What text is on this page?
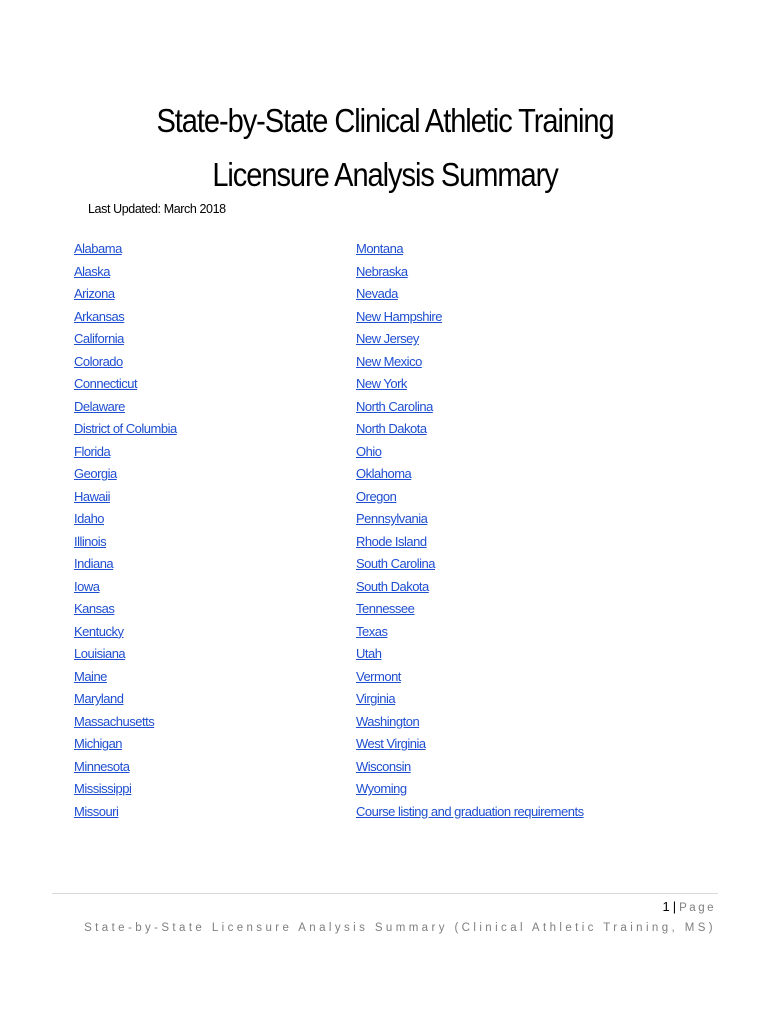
State-by-State Clinical Athletic Training
Licensure Analysis Summary
Last Updated: March 2018
Alabama
Alaska
Arizona
Arkansas
California
Colorado
Connecticut
Delaware
District of Columbia
Florida
Georgia
Hawaii
Idaho
Illinois
Indiana
Iowa
Kansas
Kentucky
Louisiana
Maine
Maryland
Massachusetts
Michigan
Minnesota
Mississippi
Missouri
Montana
Nebraska
Nevada
New Hampshire
New Jersey
New Mexico
New York
North Carolina
North Dakota
Ohio
Oklahoma
Oregon
Pennsylvania
Rhode Island
South Carolina
South Dakota
Tennessee
Texas
Utah
Vermont
Virginia
Washington
West Virginia
Wisconsin
Wyoming
Course listing and graduation requirements
1 | Page
State-by-State Licensure Analysis Summary (Clinical Athletic Training, MS)
